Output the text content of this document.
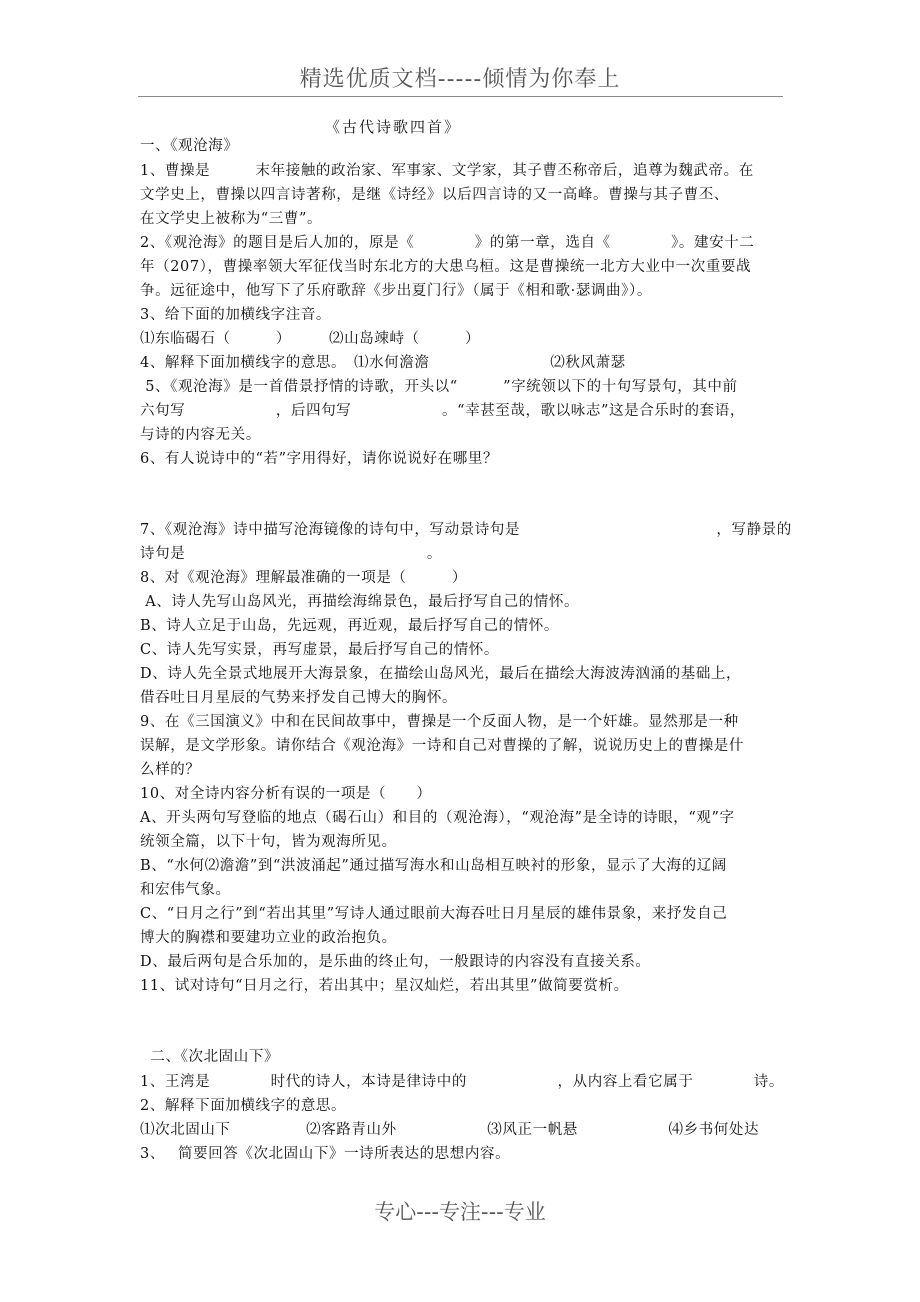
精选优质文档-----倾情为你奉上
《古代诗歌四首》
一、《观沧海》
1、曹操是　　　末年接触的政治家、军事家、文学家，其子曹丕称帝后，追尊为魏武帝。在
文学史上，曹操以四言诗著称，是继《诗经》以后四言诗的又一高峰。曹操与其子曹丕、
在文学史上被称为“三曹”。
2、《观沧海》的题目是后人加的，原是《　　　　》的第一章，选自《　　　　》。建安十二
年（207），曹操率领大军征伐当时东北方的大患乌桓。这是曹操统一北方大业中一次重要战
争。远征途中，他写下了乐府歌辞《步出夏门行》（属于《相和歌·瑟调曲》）。
3、给下面的加横线字注音。
⑴东临碣石（　　　）　　　⑵山岛竦峙（　　　）
4、解释下面加横线字的意思。　⑴水何澹澹　　　　　　　　⑵秋风萧瑟
5、《观沧海》是一首借景抒情的诗歌，开头以“　　　”字统领以下的十句写景句，其中前
六句写　　　　　　，后四句写　　　　　　。“幸甚至哉，歌以咏志”这是合乐时的套语，
与诗的内容无关。
6、有人说诗中的“若”字用得好，请你说说好在哪里？
7、《观沧海》诗中描写沧海镜像的诗句中，写动景诗句是　　　　　　　　　　　　　，写静景的
诗句是　　　　　　　　　　　　　　　　。
8、对《观沧海》理解最准确的一项是（　　　）
A、诗人先写山岛风光，再描绘海绵景色，最后抒写自己的情怀。
B、诗人立足于山岛，先远观，再近观，最后抒写自己的情怀。
C、诗人先写实景，再写虚景，最后抒写自己的情怀。
D、诗人先全景式地展开大海景象，在描绘山岛风光，最后在描绘大海波涛汹涌的基础上，
借吞吐日月星辰的气势来抒发自己博大的胸怀。
9、在《三国演义》中和在民间故事中，曹操是一个反面人物，是一个奸雄。显然那是一种
误解，是文学形象。请你结合《观沧海》一诗和自己对曹操的了解，说说历史上的曹操是什
么样的？
10、对全诗内容分析有误的一项是（　　）
A、开头两句写登临的地点（碣石山）和目的（观沧海），“观沧海”是全诗的诗眼，“观”字
统领全篇，以下十句，皆为观海所见。
B、“水何⑵澹澹”到“洪波涌起”通过描写海水和山岛相互映衬的形象，显示了大海的辽阔
和宏伟气象。
C、“日月之行”到“若出其里”写诗人通过眼前大海吞吐日月星辰的雄伟景象，来抒发自己
博大的胸襟和要建功立业的政治抱负。
D、最后两句是合乐加的，是乐曲的终止句，一般跟诗的内容没有直接关系。
11、试对诗句“日月之行，若出其中；星汉灿烂，若出其里”做简要赏析。
二、《次北固山下》
1、王湾是　　　　时代的诗人，本诗是律诗中的　　　　　　，从内容上看它属于　　　　诗。
2、解释下面加横线字的意思。
⑴次北固山下　　　　　⑵客路青山外　　　　　　⑶风正一帆悬　　　　　　⑷乡书何处达
3、　 简要回答《次北固山下》一诗所表达的思想内容。
专心---专注---专业
